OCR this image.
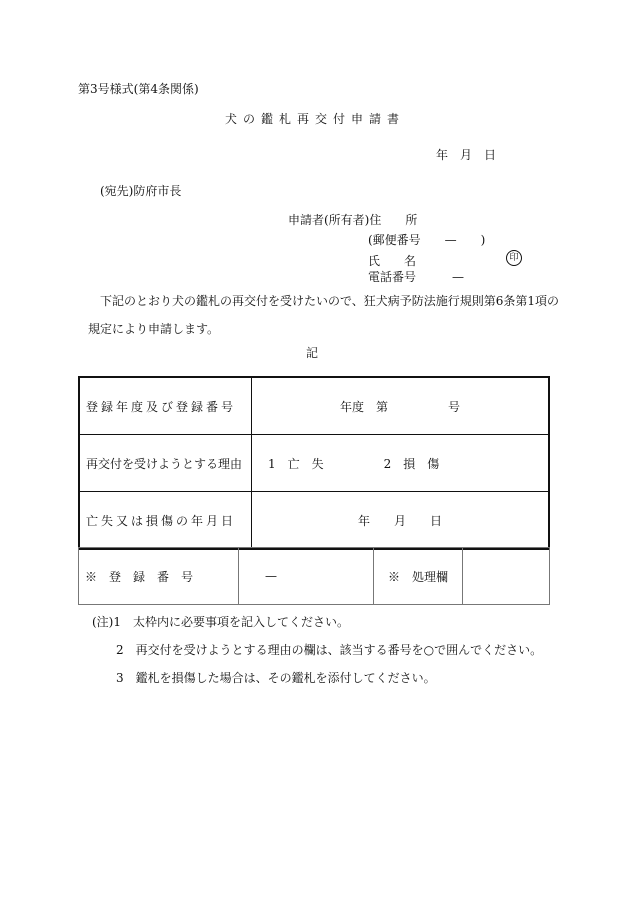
第3号様式(第4条関係)
犬の鑑札再交付申請書
年　月　日
(宛先)防府市長
申請者(所有者)住　　所
(郵便番号　　—　　)
氏　　名	印
電話番号　　　—
下記のとおり犬の鑑札の再交付を受けたいので、狂犬病予防法施行規則第6条第1項の
規定により申請します。
記
登録年度及び登録番号	年度　第　　　　　号
再交付を受けようとする理由	1　亡　失　　　　　2　損　傷
亡失又は損傷の年月日	年　　月　　日
※　登　録　番　号	—	※　処理欄	
(注)1　太枠内に必要事項を記入してください。
2　再交付を受けようとする理由の欄は、該当する番号を○で囲んでください。
3　鑑札を損傷した場合は、その鑑札を添付してください。
